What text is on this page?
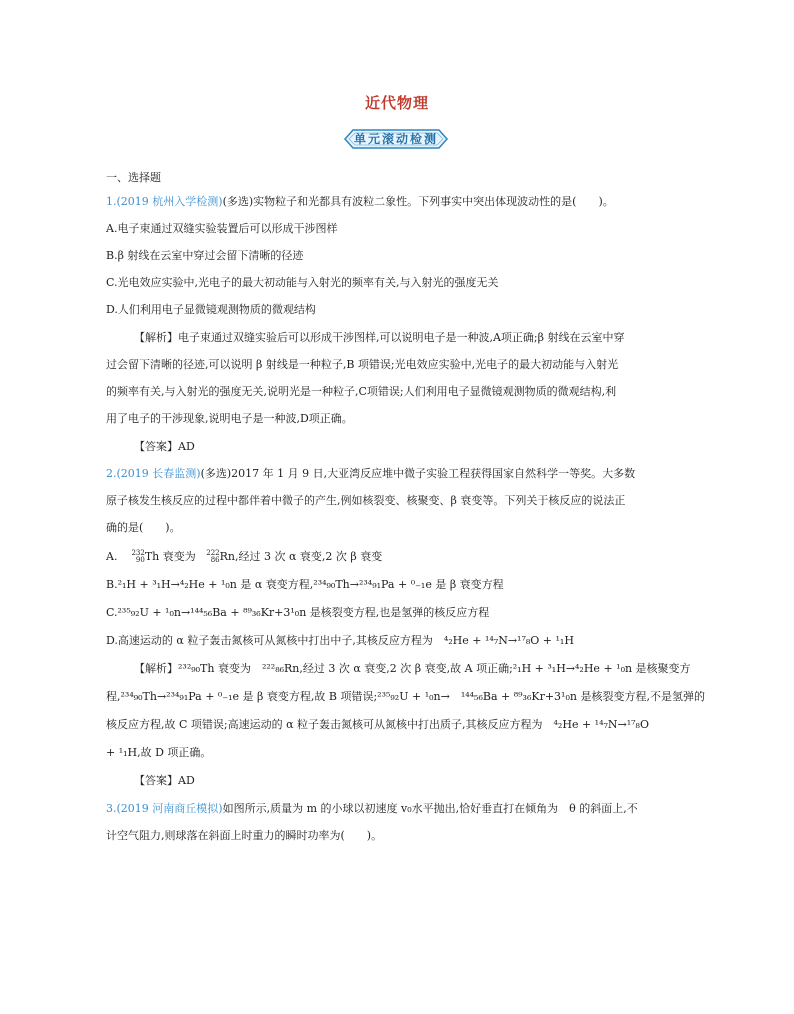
近代物理
单元滚动检测
一、选择题
1.(2019 杭州入学检测)(多选)实物粒子和光都具有波粒二象性。下列事实中突出体现波动性的是(　　)。
A.电子束通过双缝实验装置后可以形成干涉图样
B.β 射线在云室中穿过会留下清晰的径迹
C.光电效应实验中,光电子的最大初动能与入射光的频率有关,与入射光的强度无关
D.人们利用电子显微镜观测物质的微观结构
【解析】电子束通过双缝实验后可以形成干涉图样,可以说明电子是一种波,A项正确;β 射线在云室中穿
过会留下清晰的径迹,可以说明 β 射线是一种粒子,B 项错误;光电效应实验中,光电子的最大初动能与入射光
的频率有关,与入射光的强度无关,说明光是一种粒子,C项错误;人们利用电子显微镜观测物质的微观结构,利
用了电子的干涉现象,说明电子是一种波,D项正确。
【答案】AD
2.(2019 长春监测)(多选)2017 年 1 月 9 日,大亚湾反应堆中微子实验工程获得国家自然科学一等奖。大多数
原子核发生核反应的过程中都伴着中微子的产生,例如核裂变、核聚变、β 衰变等。下列关于核反应的说法正
确的是(　　)。
A. 232
90Th 衰变为 222
86Rn,经过 3 次 α 衰变,2 次 β 衰变
B.²₁H + ³₁H→⁴₂He + ¹₀n 是 α 衰变方程,²³⁴₉₀Th→²³⁴₉₁Pa + ⁰₋₁e 是 β 衰变方程
C.²³⁵₉₂U + ¹₀n→¹⁴⁴₅₆Ba + ⁸⁹₃₆Kr+3¹₀n 是核裂变方程,也是氢弹的核反应方程
D.高速运动的 α 粒子轰击氮核可从氮核中打出中子,其核反应方程为　⁴₂He + ¹⁴₇N→¹⁷₈O + ¹₁H
【解析】²³²₉₀Th 衰变为　²²²₈₆Rn,经过 3 次 α 衰变,2 次 β 衰变,故 A 项正确;²₁H + ³₁H→⁴₂He + ¹₀n 是核聚变方
程,²³⁴₉₀Th→²³⁴₉₁Pa + ⁰₋₁e 是 β 衰变方程,故 B 项错误;²³⁵₉₂U + ¹₀n→　¹⁴⁴₅₆Ba + ⁸⁹₃₆Kr+3¹₀n 是核裂变方程,不是氢弹的
核反应方程,故 C 项错误;高速运动的 α 粒子轰击氮核可从氮核中打出质子,其核反应方程为　⁴₂He + ¹⁴₇N→¹⁷₈O
+ ¹₁H,故 D 项正确。
【答案】AD
3.(2019 河南商丘模拟)如图所示,质量为 m 的小球以初速度 v₀水平抛出,恰好垂直打在倾角为　θ 的斜面上,不
计空气阻力,则球落在斜面上时重力的瞬时功率为(　　)。
